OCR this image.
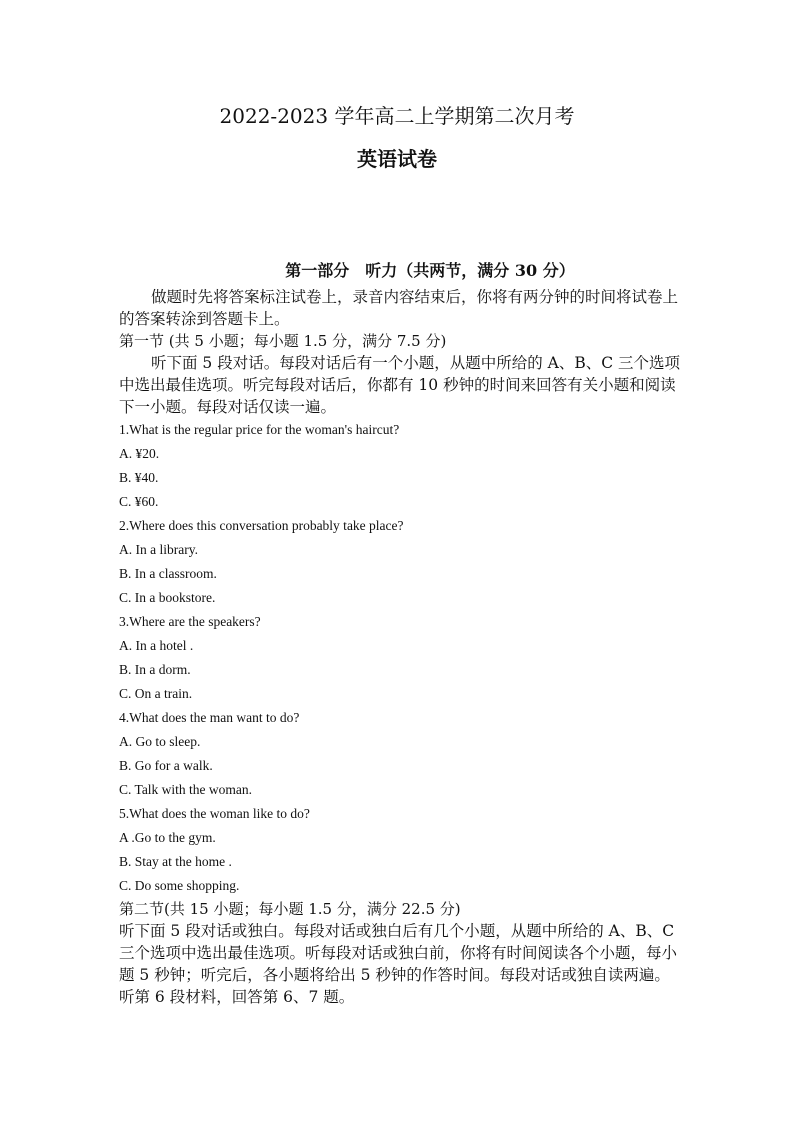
2022-2023 学年高二上学期第二次月考
英语试卷

第一部分　听力（共两节，满分 30 分）

做题时先将答案标注试卷上，录音内容结束后，你将有两分钟的时间将试卷上的答案转涂到答题卡上。

第一节 (共 5 小题；每小题 1.5 分，满分 7.5 分)

听下面 5 段对话。每段对话后有一个小题，从题中所给的 A、B、C 三个选项中选出最佳选项。听完每段对话后，你都有 10 秒钟的时间来回答有关小题和阅读下一小题。每段对话仅读一遍。

1.What is the regular price for the woman's haircut?

A. ¥20.

B. ¥40.

C. ¥60.

2.Where does this conversation probably take place?

A. In a library.

B. In a classroom.

C. In a bookstore.

3.Where are the speakers?

A. In a hotel .

B. In a dorm.

C. On a train.

4.What does the man want to do?

A. Go to sleep.

B. Go for a walk.

C. Talk with the woman.

5.What does the woman like to do?

A .Go to the gym.

B. Stay at the home .

C. Do some shopping.

第二节(共 15 小题；每小题 1.5 分，满分 22.5 分)

听下面 5 段对话或独白。每段对话或独白后有几个小题，从题中所给的 A、B、C 三个选项中选出最佳选项。听每段对话或独白前，你将有时间阅读各个小题，每小题 5 秒钟；听完后，各小题将给出 5 秒钟的作答时间。每段对话或独自读两遍。

听第 6 段材料，回答第 6、7 题。
